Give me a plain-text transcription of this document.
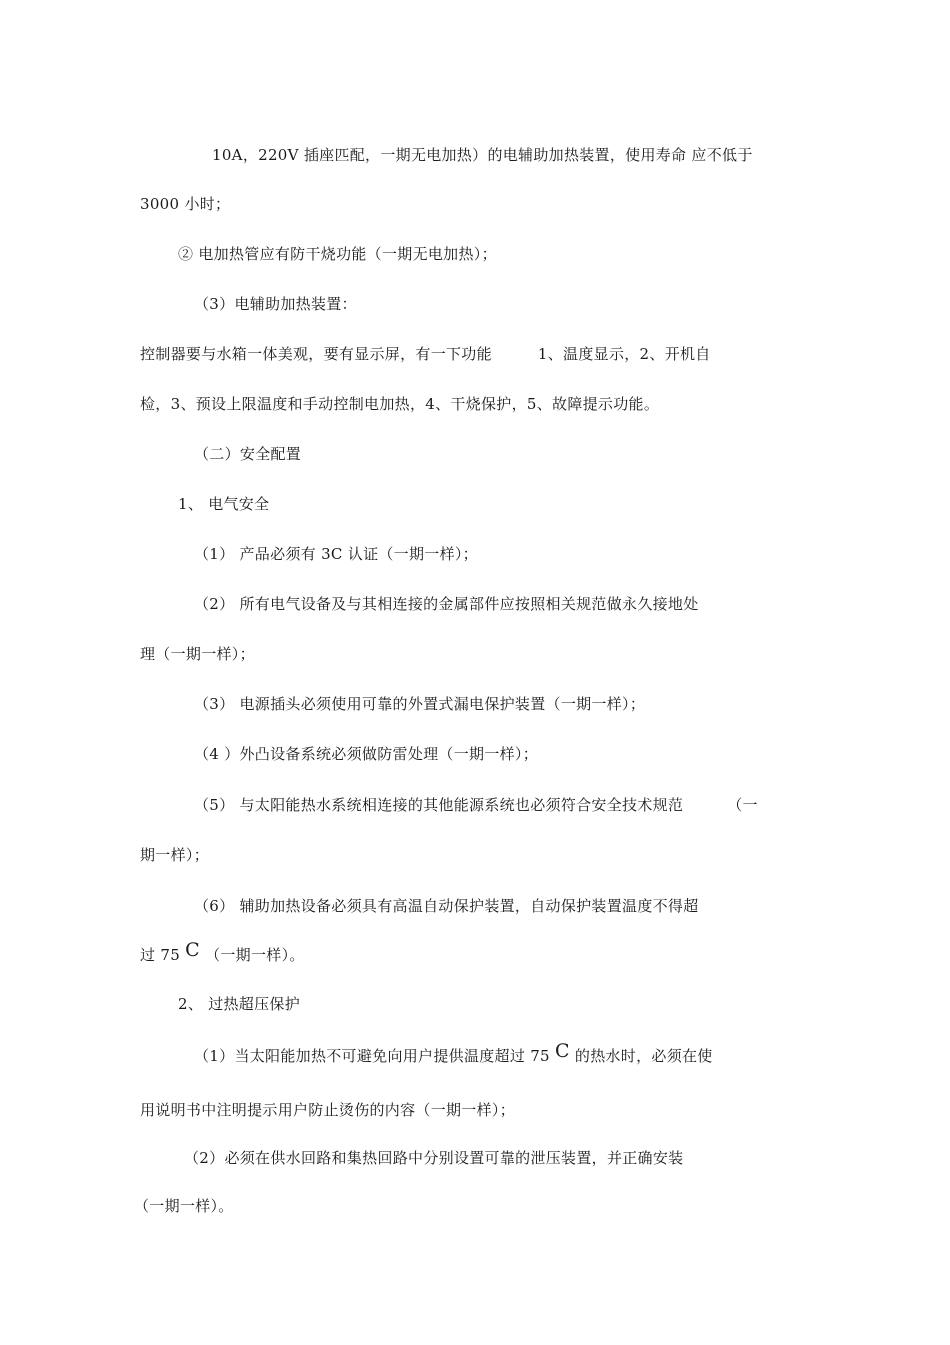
10A，220V 插座匹配，一期无电加热）的电辅助加热装置，使用寿命 应不低于
3000 小时；
② 电加热管应有防干烧功能（一期无电加热）；
（3）电辅助加热装置：
控制器要与水箱一体美观，要有显示屏，有一下功能	1、温度显示，2、开机自
检，3、预设上限温度和手动控制电加热，4、干烧保护，5、故障提示功能。
（二）安全配置
1、 电气安全
（1） 产品必须有 3C 认证（一期一样）；
（2） 所有电气设备及与其相连接的金属部件应按照相关规范做永久接地处
理（一期一样）；
（3） 电源插头必须使用可靠的外置式漏电保护装置（一期一样）；
（4 ）外凸设备系统必须做防雷处理（一期一样）；
（5） 与太阳能热水系统相连接的其他能源系统也必须符合安全技术规范	（一
期一样）；
（6） 辅助加热设备必须具有高温自动保护装置，自动保护装置温度不得超
过 75 C （一期一样）。
2、 过热超压保护
（1）当太阳能加热不可避免向用户提供温度超过 75 C 的热水时，必须在使
用说明书中注明提示用户防止烫伤的内容（一期一样）；
（2）必须在供水回路和集热回路中分别设置可靠的泄压装置，并正确安装
（一期一样）。
